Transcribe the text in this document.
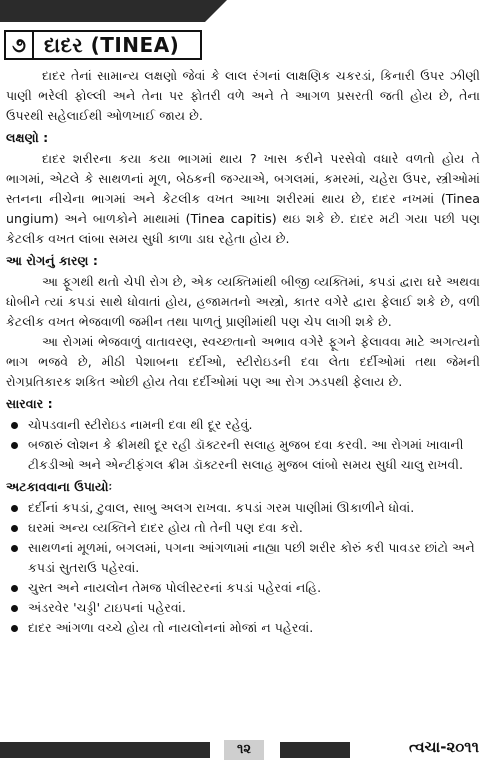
૭ દાદર (TINEA)

દાદર તેનાં સામાન્ય લક્ષણો જેવાં કે લાલ રંગનાં લાક્ષણિક ચકરડાં, કિનારી ઉપર ઝીણી પાણી ભરેલી ફોલ્લી અને તેના પર ફોતરી વળે અને તે આગળ પ્રસરતી જતી હોય છે, તેના ઉપરથી સહેલાઈથી ઓળખાઈ જાય છે.

લક્ષણો :

દાદર શરીરના કયા કયા ભાગમાં થાય ? ખાસ કરીને પરસેવો વધારે વળતો હોય તે ભાગમાં, એટલે કે સાથળનાં મૂળ, બેઠકની જગ્યાએ, બગલમાં, કમરમાં, ચહેરા ઉપર, સ્ત્રીઓમાં સ્તનના નીચેના ભાગમાં અને કેટલીક વખત આખા શરીરમાં થાય છે, દાદર નખમાં (Tinea ungium) અને બાળકોને માથામાં (Tinea capitis) થઇ શકે છે. દાદર મટી ગયા પછી પણ કેટલીક વખત લાંબા સમય સુધી કાળા ડાઘ રહેતા હોય છે.

આ રોગનું કારણ :

આ ફૂગથી થતો ચેપી રોગ છે, એક વ્યક્તિમાંથી બીજી વ્યક્તિમાં, કપડાં દ્વારા ઘરે અથવા ધોબીને ત્યાં કપડાં સાથે ધોવાતાં હોય, હજામતનો અસ્ત્રો, કાતર વગેરે દ્વારા ફેલાઈ શકે છે, વળી કેટલીક વખત ભેજવાળી જમીન તથા પાળતું પ્રાણીમાંથી પણ ચેપ લાગી શકે છે.

આ રોગમાં ભેજવાળું વાતાવરણ, સ્વચ્છતાનો અભાવ વગેરે ફૂગને ફેલાવવા માટે અગત્યનો ભાગ ભજવે છે, મીઠી પેશાબના દર્દીઓ, સ્ટીરોઇડની દવા લેતા દર્દીઓમાં તથા જેમની રોગપ્રતિકારક શકિત ઓછી હોય તેવા દર્દીઓમાં પણ આ રોગ ઝડપથી ફેલાય છે.

સારવાર :
ચોપડવાની સ્ટીરોઇડ નામની દવા થી દૂર રહેવું.
બજારું લોશન કે ક્રીમથી દૂર રહી ડૉક્ટરની સલાહ મુજબ દવા કરવી. આ રોગમાં ખાવાની ટીકડીઓ અને એન્ટીફંગલ ક્રીમ ડૉક્ટરની સલાહ મુજબ લાંબો સમય સુધી ચાલુ રાખવી.
અટકાવવાના ઉપાયોઃ
દર્દીનાં કપડાં, ટુવાલ, સાબુ અલગ રાખવા. કપડાં ગરમ પાણીમાં ઊકાળીને ધોવાં.
ઘરમાં અન્ય વ્યક્તિને દાદર હોય તો તેની પણ દવા કરો.
સાથળનાં મૂળમાં, બગલમાં, પગના આંગળામાં નાહ્યા પછી શરીર કોરું કરી પાવડર છાંટો અને કપડાં સુતરાઉ પહેરવાં.
ચુસ્ત અને નાયલોન તેમજ પોલીસ્ટરનાં કપડાં પહેરવાં નહિ.
અંડરવેર 'ચડ્ડી' ટાઇપનાં પહેરવાં.
દાદર આંગળા વચ્ચે હોય તો નાયલોનનાં મોજાં ન પહેરવાં.
૧૨	ત્વચા-૨૦૧૧
